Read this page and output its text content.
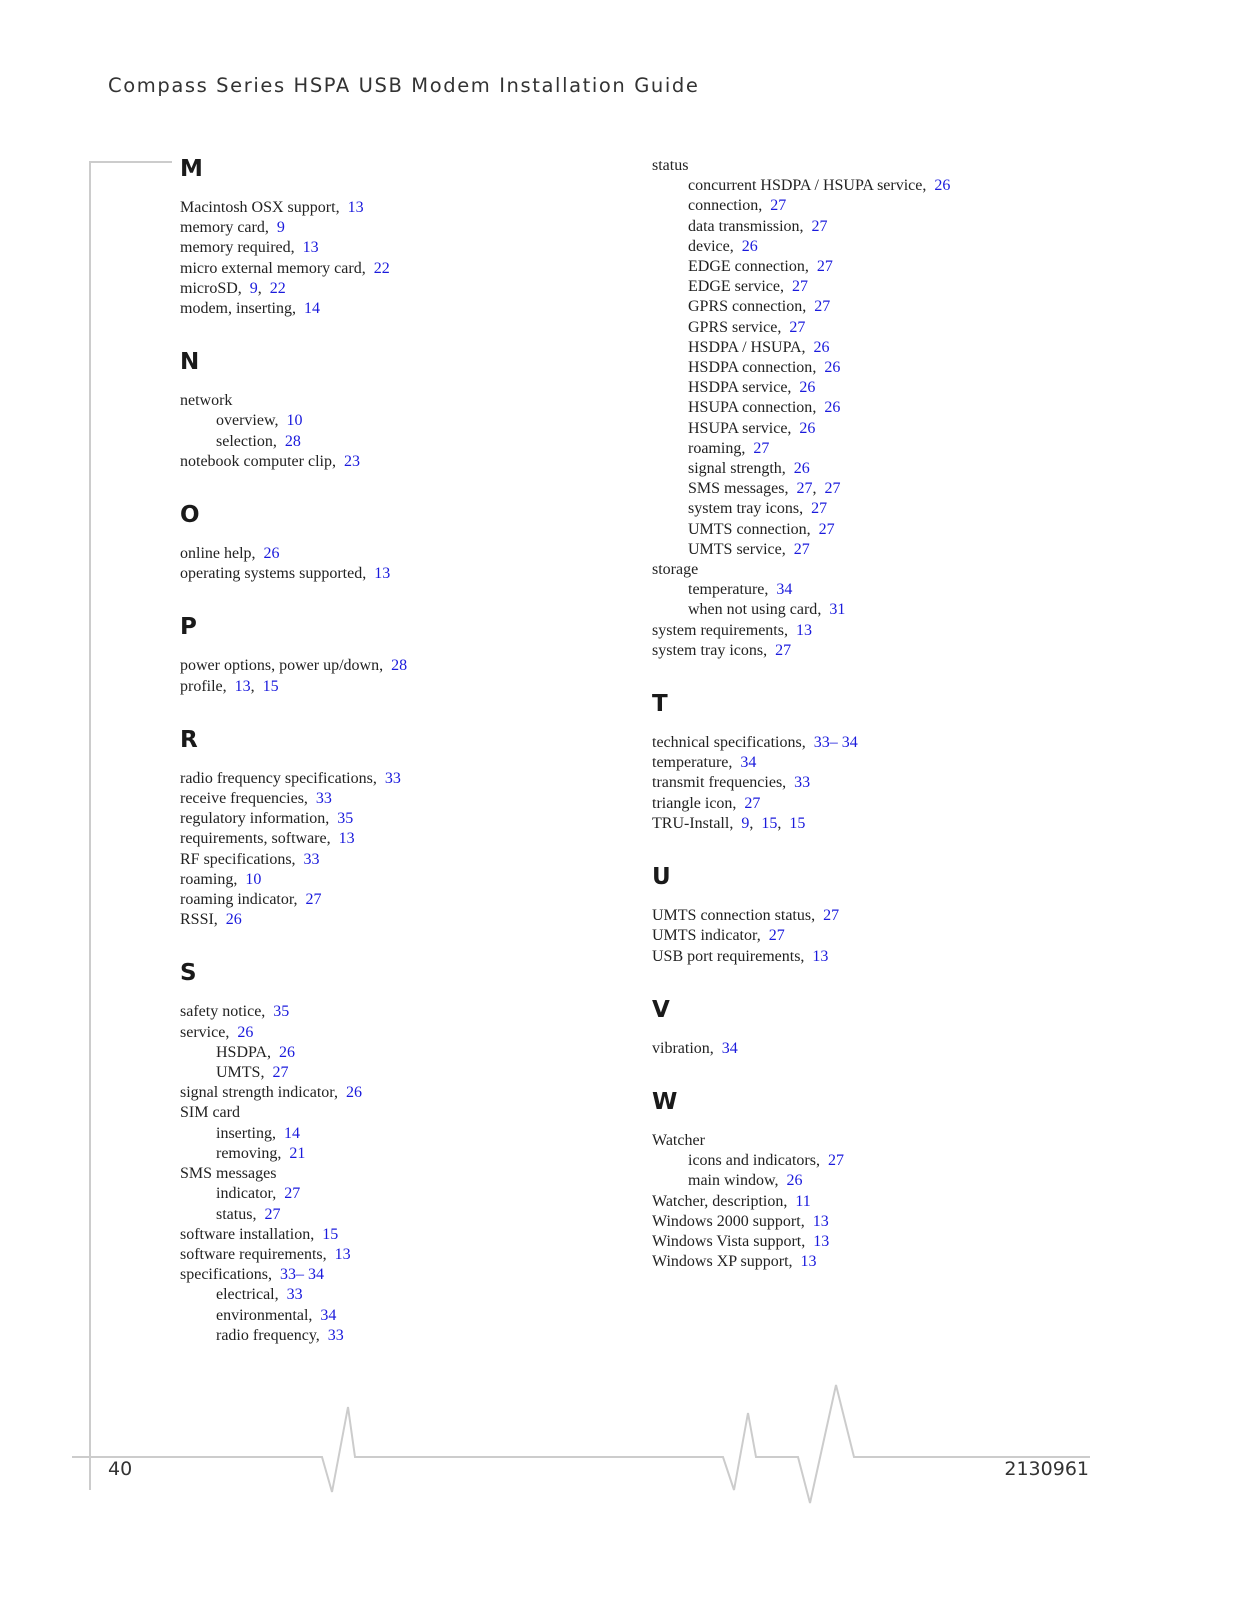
Compass Series HSPA USB Modem Installation Guide
M
Macintosh OSX support,  13
memory card,  9
memory required,  13
micro external memory card,  22
microSD,  9,  22
modem, inserting,  14
N
network
overview,  10
selection,  28
notebook computer clip,  23
O
online help,  26
operating systems supported,  13
P
power options, power up/down,  28
profile,  13,  15
R
radio frequency specifications,  33
receive frequencies,  33
regulatory information,  35
requirements, software,  13
RF specifications,  33
roaming,  10
roaming indicator,  27
RSSI,  26
S
safety notice,  35
service,  26
HSDPA,  26
UMTS,  27
signal strength indicator,  26
SIM card
inserting,  14
removing,  21
SMS messages
indicator,  27
status,  27
software installation,  15
software requirements,  13
specifications,  33– 34
electrical,  33
environmental,  34
radio frequency,  33
status
concurrent HSDPA / HSUPA service,  26
connection,  27
data transmission,  27
device,  26
EDGE connection,  27
EDGE service,  27
GPRS connection,  27
GPRS service,  27
HSDPA / HSUPA,  26
HSDPA connection,  26
HSDPA service,  26
HSUPA connection,  26
HSUPA service,  26
roaming,  27
signal strength,  26
SMS messages,  27,  27
system tray icons,  27
UMTS connection,  27
UMTS service,  27
storage
temperature,  34
when not using card,  31
system requirements,  13
system tray icons,  27
T
technical specifications,  33– 34
temperature,  34
transmit frequencies,  33
triangle icon,  27
TRU-Install,  9,  15,  15
U
UMTS connection status,  27
UMTS indicator,  27
USB port requirements,  13
V
vibration,  34
W
Watcher
icons and indicators,  27
main window,  26
Watcher, description,  11
Windows 2000 support,  13
Windows Vista support,  13
Windows XP support,  13
40	2130961
